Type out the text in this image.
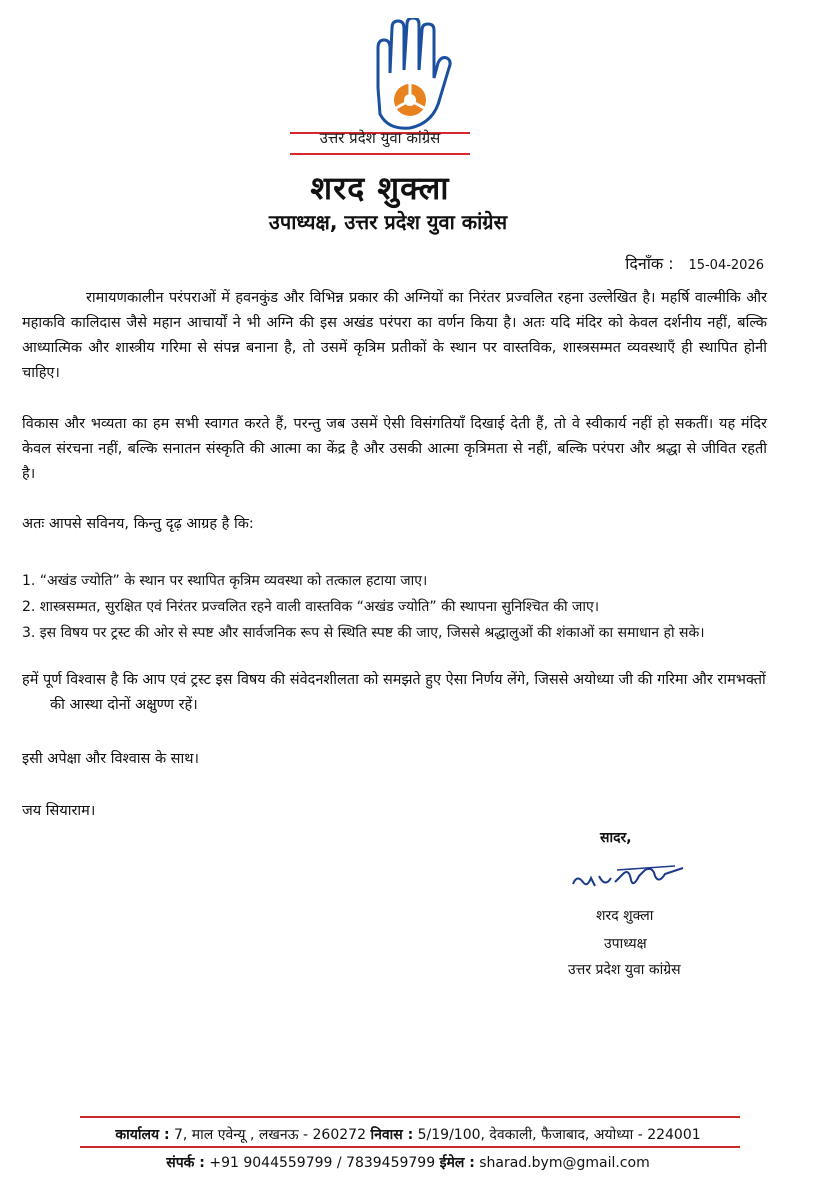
उत्तर प्रदेश युवा कांग्रेस
शरद शुक्ला
उपाध्यक्ष, उत्तर प्रदेश युवा कांग्रेस
दिनाँक : 15-04-2026

रामायणकालीन परंपराओं में हवनकुंड और विभिन्न प्रकार की अग्नियों का निरंतर प्रज्वलित रहना उल्लेखित है। महर्षि वाल्मीकि और महाकवि कालिदास जैसे महान आचार्यों ने भी अग्नि की इस अखंड परंपरा का वर्णन किया है। अतः यदि मंदिर को केवल दर्शनीय नहीं, बल्कि आध्यात्मिक और शास्त्रीय गरिमा से संपन्न बनाना है, तो उसमें कृत्रिम प्रतीकों के स्थान पर वास्तविक, शास्त्रसम्मत व्यवस्थाएँ ही स्थापित होनी चाहिए।

विकास और भव्यता का हम सभी स्वागत करते हैं, परन्तु जब उसमें ऐसी विसंगतियाँ दिखाई देती हैं, तो वे स्वीकार्य नहीं हो सकतीं। यह मंदिर केवल संरचना नहीं, बल्कि सनातन संस्कृति की आत्मा का केंद्र है और उसकी आत्मा कृत्रिमता से नहीं, बल्कि परंपरा और श्रद्धा से जीवित रहती है।

अतः आपसे सविनय, किन्तु दृढ़ आग्रह है कि:

1. “अखंड ज्योति” के स्थान पर स्थापित कृत्रिम व्यवस्था को तत्काल हटाया जाए।
2. शास्त्रसम्मत, सुरक्षित एवं निरंतर प्रज्वलित रहने वाली वास्तविक “अखंड ज्योति” की स्थापना सुनिश्चित की जाए।
3. इस विषय पर ट्रस्ट की ओर से स्पष्ट और सार्वजनिक रूप से स्थिति स्पष्ट की जाए, जिससे श्रद्धालुओं की शंकाओं का समाधान हो सके।

हमें पूर्ण विश्वास है कि आप एवं ट्रस्ट इस विषय की संवेदनशीलता को समझते हुए ऐसा निर्णय लेंगे, जिससे अयोध्या जी की गरिमा और रामभक्तों
की आस्था दोनों अक्षुण्ण रहें।

इसी अपेक्षा और विश्वास के साथ।

जय सियाराम।

सादर,
शरद शुक्ला
उपाध्यक्ष
उत्तर प्रदेश युवा कांग्रेस
कार्यालय : 7, माल एवेन्यू , लखनऊ - 260272 निवास : 5/19/100, देवकाली, फैजाबाद, अयोध्या - 224001
संपर्क : +91 9044559799 / 7839459799 ईमेल : sharad.bym@gmail.com
